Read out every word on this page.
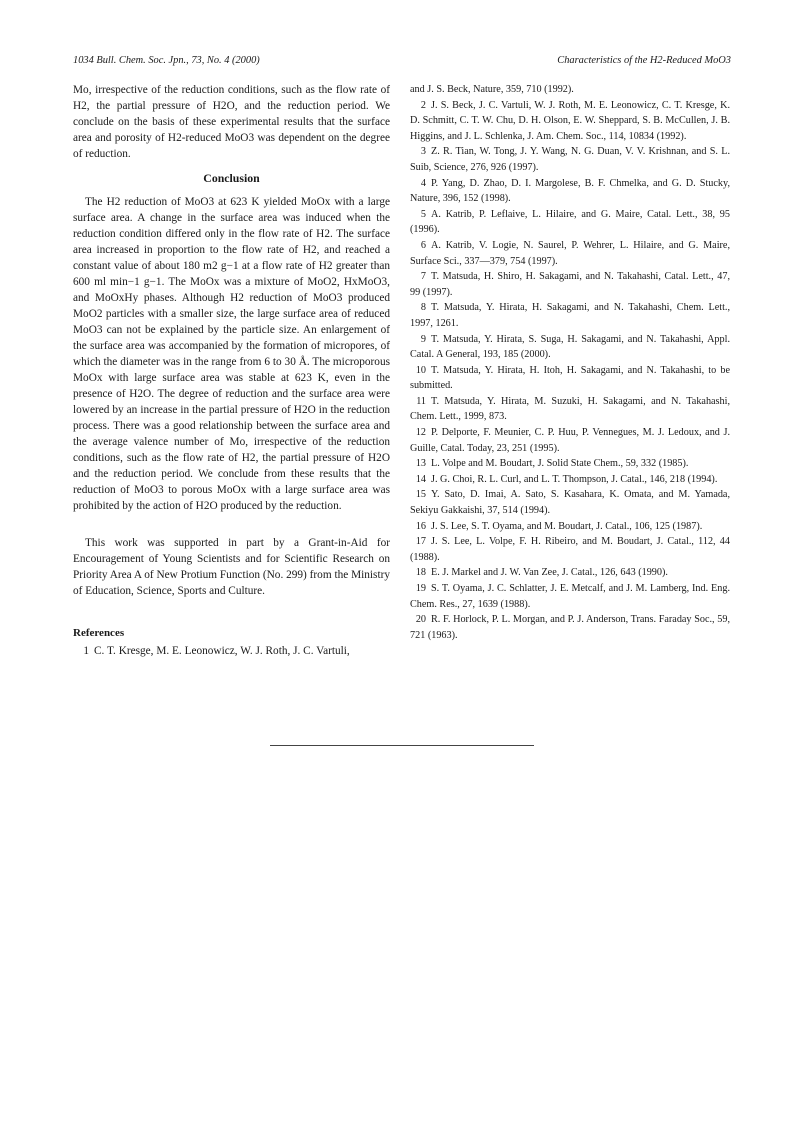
1034 Bull. Chem. Soc. Jpn., 73, No. 4 (2000)	Characteristics of the H2-Reduced MoO3

Mo, irrespective of the reduction conditions, such as the flow rate of H2, the partial pressure of H2O, and the reduction period. We conclude on the basis of these experimental results that the surface area and porosity of H2-reduced MoO3 was dependent on the degree of reduction.

Conclusion

The H2 reduction of MoO3 at 623 K yielded MoOx with a large surface area. A change in the surface area was induced when the reduction condition differed only in the flow rate of H2. The surface area increased in proportion to the flow rate of H2, and reached a constant value of about 180 m2 g−1 at a flow rate of H2 greater than 600 ml min−1 g−1. The MoOx was a mixture of MoO2, HxMoO3, and MoOxHy phases. Although H2 reduction of MoO3 produced MoO2 particles with a smaller size, the large surface area of reduced MoO3 can not be explained by the particle size. An enlargement of the surface area was accompanied by the formation of micropores, of which the diameter was in the range from 6 to 30 Å. The microporous MoOx with large surface area was stable at 623 K, even in the presence of H2O. The degree of reduction and the surface area were lowered by an increase in the partial pressure of H2O in the reduction process. There was a good relationship between the surface area and the average valence number of Mo, irrespective of the reduction conditions, such as the flow rate of H2, the partial pressure of H2O and the reduction period. We conclude from these results that the reduction of MoO3 to porous MoOx with a large surface area was prohibited by the action of H2O produced by the reduction.

This work was supported in part by a Grant-in-Aid for Encouragement of Young Scientists and for Scientific Research on Priority Area A of New Protium Function (No. 299) from the Ministry of Education, Science, Sports and Culture.

References
1 C. T. Kresge, M. E. Leonowicz, W. J. Roth, J. C. Vartuli,
and J. S. Beck, Nature, 359, 710 (1992).
2 J. S. Beck, J. C. Vartuli, W. J. Roth, M. E. Leonowicz, C. T. Kresge, K. D. Schmitt, C. T. W. Chu, D. H. Olson, E. W. Sheppard, S. B. McCullen, J. B. Higgins, and J. L. Schlenka, J. Am. Chem. Soc., 114, 10834 (1992).
3 Z. R. Tian, W. Tong, J. Y. Wang, N. G. Duan, V. V. Krishnan, and S. L. Suib, Science, 276, 926 (1997).
4 P. Yang, D. Zhao, D. I. Margolese, B. F. Chmelka, and G. D. Stucky, Nature, 396, 152 (1998).
5 A. Katrib, P. Leflaive, L. Hilaire, and G. Maire, Catal. Lett., 38, 95 (1996).
6 A. Katrib, V. Logie, N. Saurel, P. Wehrer, L. Hilaire, and G. Maire, Surface Sci., 337—379, 754 (1997).
7 T. Matsuda, H. Shiro, H. Sakagami, and N. Takahashi, Catal. Lett., 47, 99 (1997).
8 T. Matsuda, Y. Hirata, H. Sakagami, and N. Takahashi, Chem. Lett., 1997, 1261.
9 T. Matsuda, Y. Hirata, S. Suga, H. Sakagami, and N. Takahashi, Appl. Catal. A General, 193, 185 (2000).
10 T. Matsuda, Y. Hirata, H. Itoh, H. Sakagami, and N. Takahashi, to be submitted.
11 T. Matsuda, Y. Hirata, M. Suzuki, H. Sakagami, and N. Takahashi, Chem. Lett., 1999, 873.
12 P. Delporte, F. Meunier, C. P. Huu, P. Vennegues, M. J. Ledoux, and J. Guille, Catal. Today, 23, 251 (1995).
13 L. Volpe and M. Boudart, J. Solid State Chem., 59, 332 (1985).
14 J. G. Choi, R. L. Curl, and L. T. Thompson, J. Catal., 146, 218 (1994).
15 Y. Sato, D. Imai, A. Sato, S. Kasahara, K. Omata, and M. Yamada, Sekiyu Gakkaishi, 37, 514 (1994).
16 J. S. Lee, S. T. Oyama, and M. Boudart, J. Catal., 106, 125 (1987).
17 J. S. Lee, L. Volpe, F. H. Ribeiro, and M. Boudart, J. Catal., 112, 44 (1988).
18 E. J. Markel and J. W. Van Zee, J. Catal., 126, 643 (1990).
19 S. T. Oyama, J. C. Schlatter, J. E. Metcalf, and J. M. Lamberg, Ind. Eng. Chem. Res., 27, 1639 (1988).
20 R. F. Horlock, P. L. Morgan, and P. J. Anderson, Trans. Faraday Soc., 59, 721 (1963).
